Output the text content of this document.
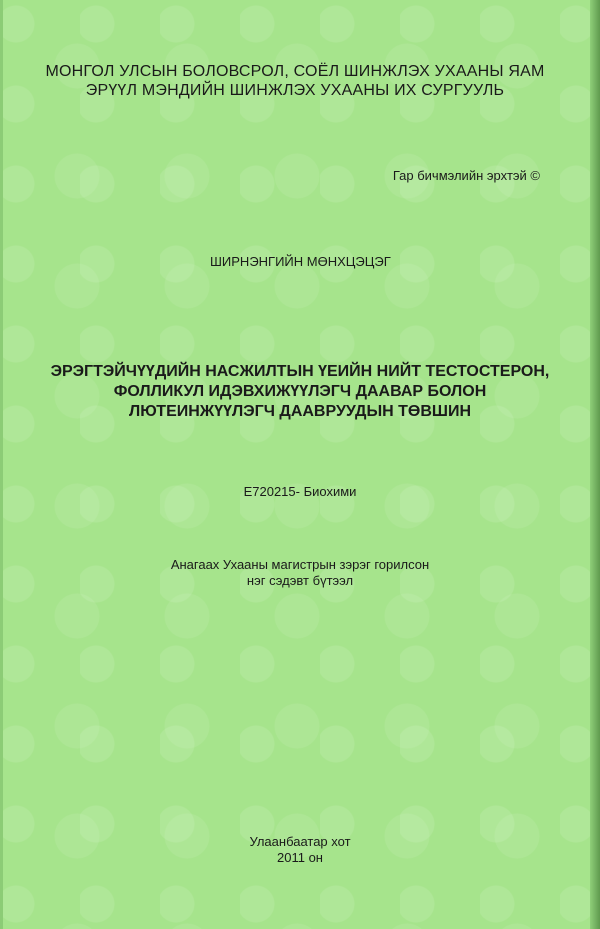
МОНГОЛ УЛСЫН БОЛОВСРОЛ, СОЁЛ ШИНЖЛЭХ УХААНЫ ЯАМ
ЭРҮҮЛ МЭНДИЙН ШИНЖЛЭХ УХААНЫ ИХ СУРГУУЛЬ
Гар бичмэлийн эрхтэй ©
ШИРНЭНГИЙН МӨНХЦЭЦЭГ
ЭРЭГТЭЙЧҮҮДИЙН НАСЖИЛТЫН ҮЕИЙН НИЙТ ТЕСТОСТЕРОН,
ФОЛЛИКУЛ ИДЭВХИЖҮҮЛЭГЧ ДААВАР БОЛОН
ЛЮТЕИНЖҮҮЛЭГЧ ДААВРУУДЫН ТӨВШИН
E720215- Биохими
Анагаах Ухааны магистрын зэрэг горилсон
нэг сэдэвт бүтээл
Улаанбаатар хот
2011 он
